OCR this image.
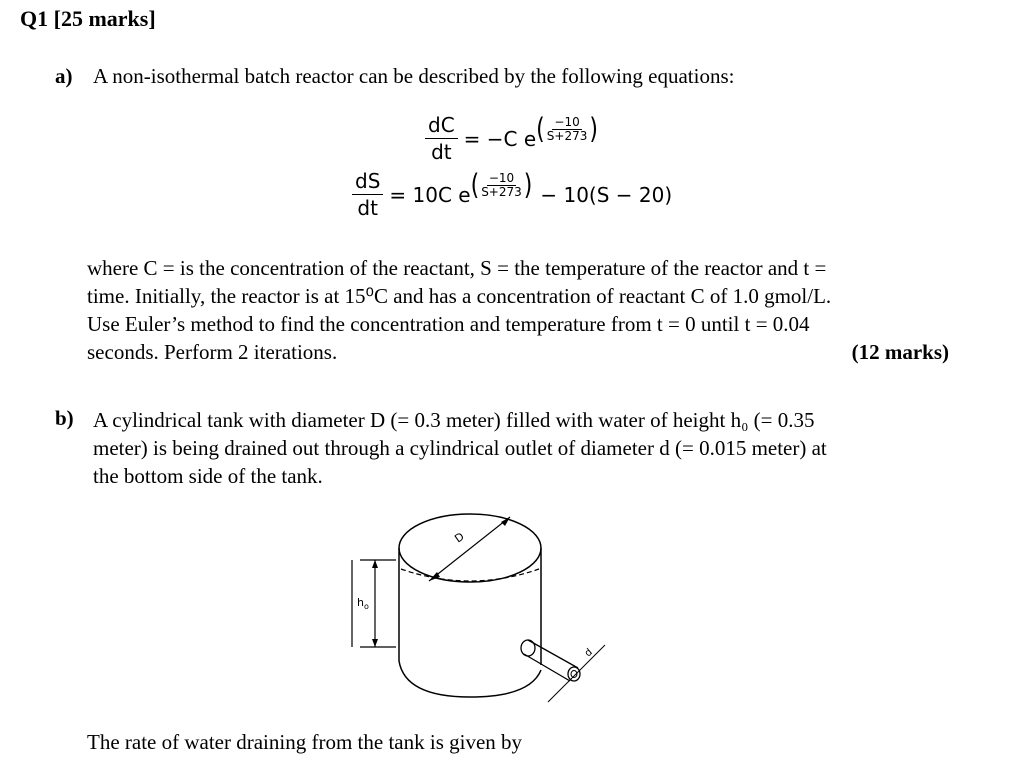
Q1 [25 marks]
a) A non-isothermal batch reactor can be described by the following equations:
$\frac{dC}{dt} = -C$ e ( $\frac{-10}{S+273}$ )
$\frac{dS}{dt} = 10C$ e ( $\frac{-10}{S+273}$ ) − 10(S − 20)
where C = is the concentration of the reactant, S = the temperature of the reactor and t =
time. Initially, the reactor is at 15⁰C and has a concentration of reactant C of 1.0 gmol/L.
Use Euler’s method to find the concentration and temperature from t = 0 until t = 0.04
seconds. Perform 2 iterations.	(12 marks)
b) A cylindrical tank with diameter D (= 0.3 meter) filled with water of height h₀ (= 0.35
meter) is being drained out through a cylindrical outlet of diameter d (= 0.015 meter) at
the bottom side of the tank.
D
$h_o$
d
The rate of water draining from the tank is given by
